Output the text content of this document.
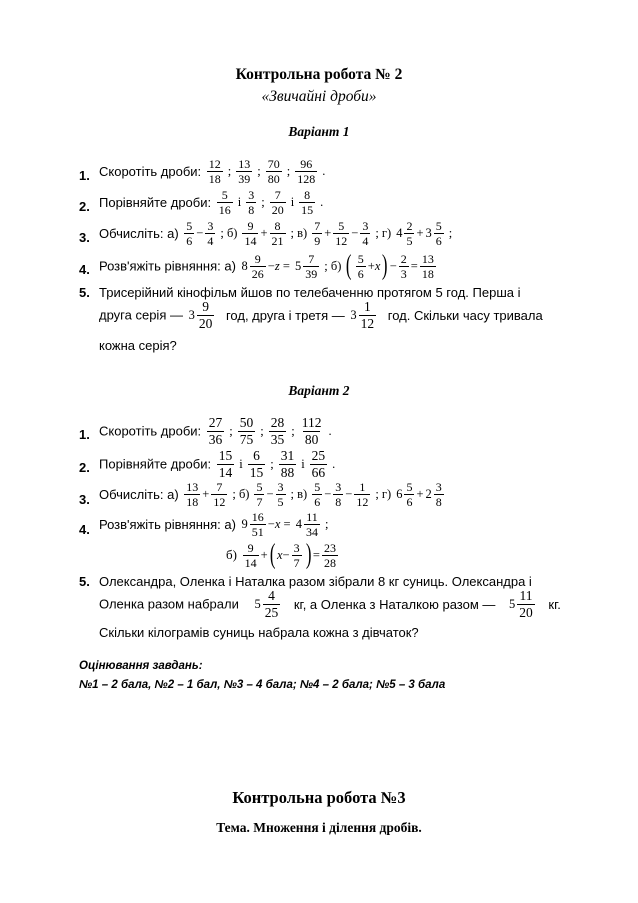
Контрольна робота № 2
«Звичайні дроби»
Варіант 1
1. Скоротіть дроби: $\frac{12}{18}$ ; $\frac{13}{39}$ ; $\frac{70}{80}$ ; $\frac{96}{128}$ .
2. Порівняйте дроби: $\frac{5}{16}$ і $\frac{3}{8}$ ; $\frac{7}{20}$ і $\frac{8}{15}$ .
3. Обчисліть: $а) \frac{5}{6} - \frac{3}{4}$ ; $б) \frac{9}{14} + \frac{8}{21}$ ; $в) \frac{7}{9} + \frac{5}{12} - \frac{3}{4}$ ; г) $4 \frac{2}{5} + 3 \frac{5}{6}$ ;
4. Розв'яжіть рівняння: а) $8 \frac{9}{26} - z = 5 \frac{7}{39}$ ; б) ( $\frac{5}{6} + x$ ) − $\frac{2}{3} = \frac{13}{18}$
5. Трисерійний кінофільм йшов по телебаченню протягом 5 год. Перша і
друга серія — $3 \frac{9}{20}$ год, друга і третя — $3 \frac{1}{12}$ год. Скільки часу тривала
кожна серія?
Варіант 2
1. Скоротіть дроби: $\frac{27}{36}$ ; $\frac{50}{75}$ ; $\frac{28}{35}$ ; $\frac{112}{80}$ .
2. Порівняйте дроби: $\frac{15}{14}$ і $\frac{6}{15}$ ; $\frac{31}{88}$ і $\frac{25}{66}$ .
3. Обчисліть: $а) \frac{13}{18} + \frac{7}{12}$ ; $б) \frac{5}{7} - \frac{3}{5}$ ; $в) \frac{5}{6} - \frac{3}{8} - \frac{1}{12}$ ; г) $6 \frac{5}{6} + 2 \frac{3}{8}$
4. Розв'яжіть рівняння: а) $9 \frac{16}{51} - x = 4 \frac{11}{34}$ ;
$б) \frac{9}{14}$ + ( $x - \frac{3}{7}$ ) = $\frac{23}{28}$
5. Олександра, Оленка і Наталка разом зібрали 8 кг суниць. Олександра і
Оленка разом набрали $5 \frac{4}{25}$ кг, а Оленка з Наталкою разом — $5 \frac{11}{20}$ кг.
Скільки кілограмів суниць набрала кожна з дівчаток?
Оцінювання завдань:
№1 – 2 бала, №2 – 1 бал, №3 – 4 бала; №4 – 2 бала; №5 – 3 бала
Контрольна робота №3
Тема. Множення і ділення дробів.
